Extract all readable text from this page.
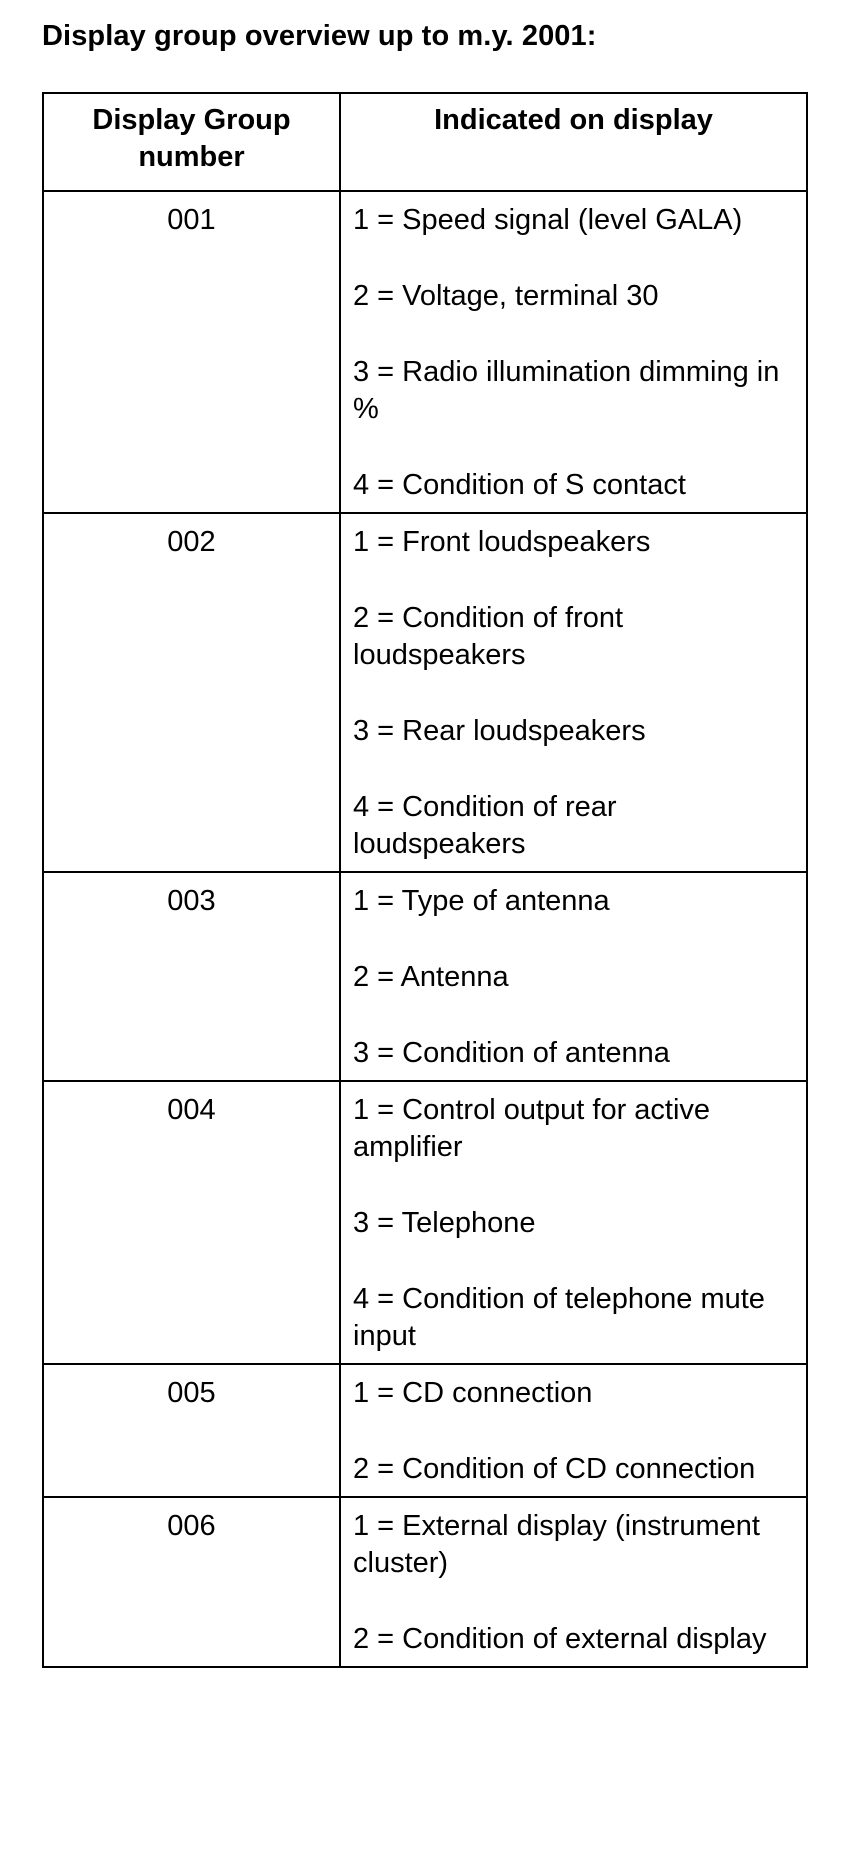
Display group overview up to m.y. 2001:
Display Group number	Indicated on display
001	1 = Speed signal (level GALA)

2 = Voltage, terminal 30

3 = Radio illumination dimming in %

4 = Condition of S contact

002	1 = Front loudspeakers

2 = Condition of front loudspeakers

3 = Rear loudspeakers

4 = Condition of rear loudspeakers

003	1 = Type of antenna

2 = Antenna

3 = Condition of antenna

004	1 = Control output for active amplifier

3 = Telephone

4 = Condition of telephone mute input

005	1 = CD connection

2 = Condition of CD connection

006	1 = External display (instrument cluster)

2 = Condition of external display
